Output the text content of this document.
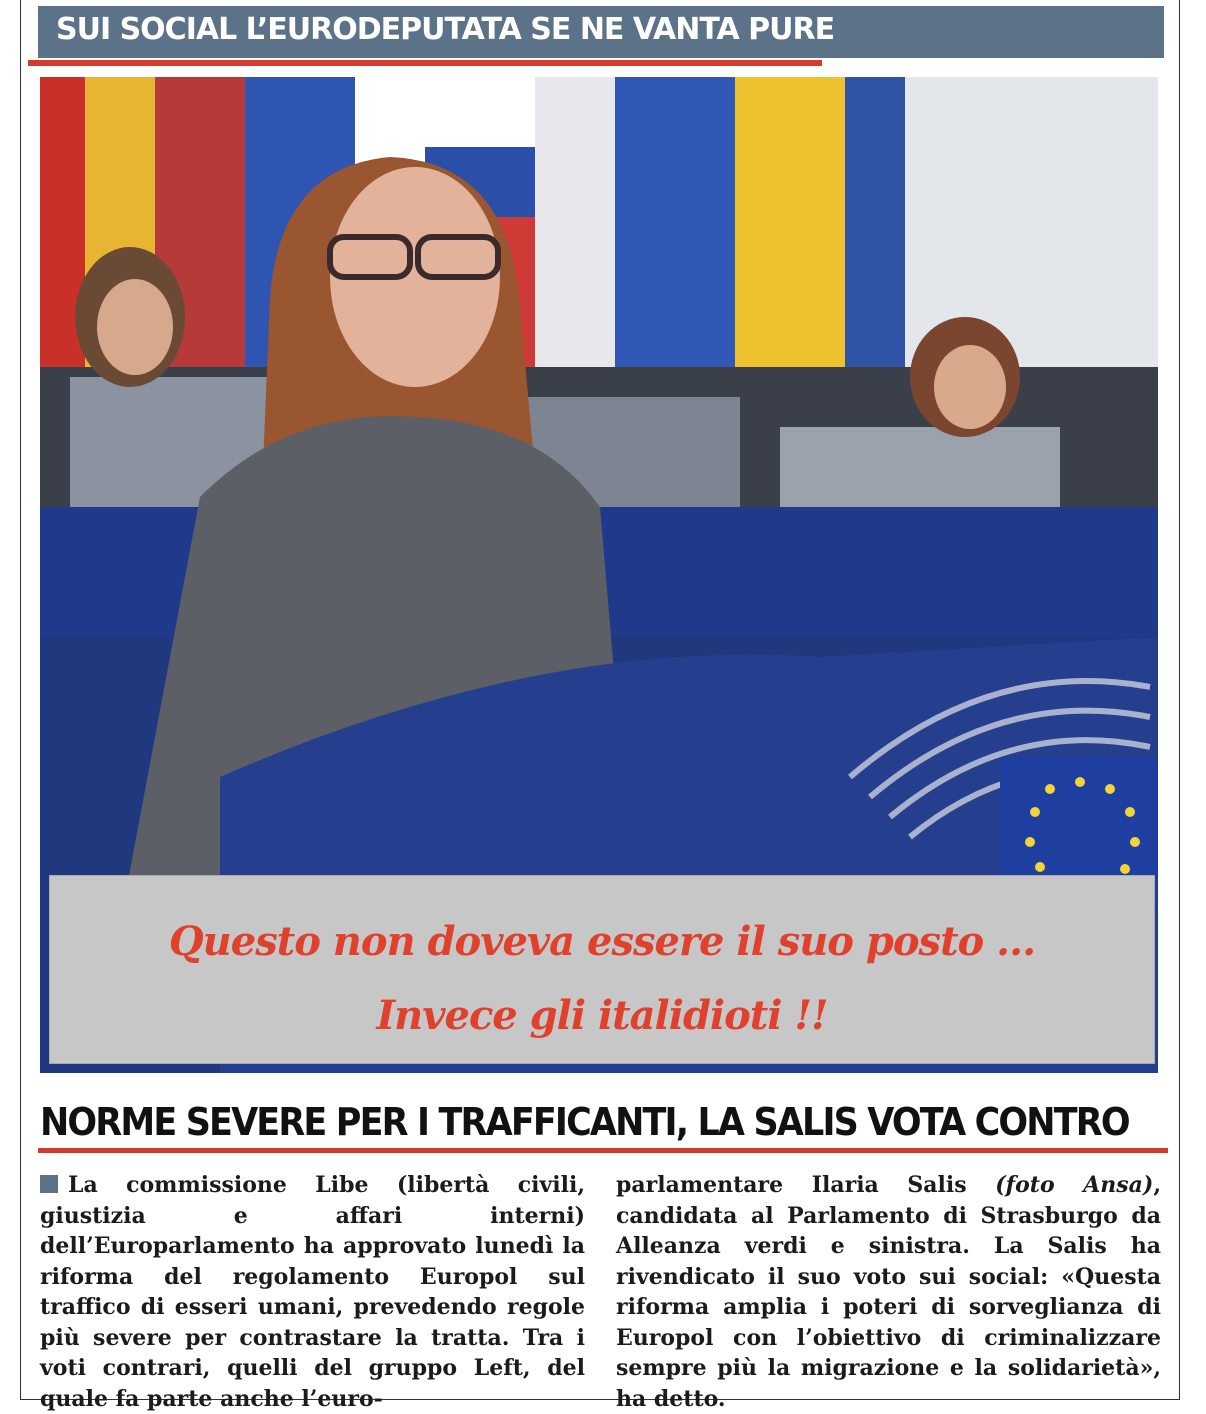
SUI SOCIAL L’EURODEPUTATA SE NE VANTA PURE
Questo non doveva essere il suo posto …
Invece gli italidioti !!
NORME SEVERE PER I TRAFFICANTI, LA SALIS VOTA CONTRO
La commissione Libe (libertà civili, giustizia e affari interni) dell’Europarlamento ha approvato lunedì la riforma del regolamento Europol sul traffico di esseri umani, prevedendo regole più severe per contrastare la tratta. Tra i voti contrari, quelli del gruppo Left, del quale fa parte anche l’euro-
parlamentare Ilaria Salis (foto Ansa), candidata al Parlamento di Strasburgo da Alleanza verdi e sinistra. La Salis ha rivendicato il suo voto sui social: «Questa riforma amplia i poteri di sorveglianza di Europol con l’obiettivo di criminalizzare sempre più la migrazione e la solidarietà», ha detto.
